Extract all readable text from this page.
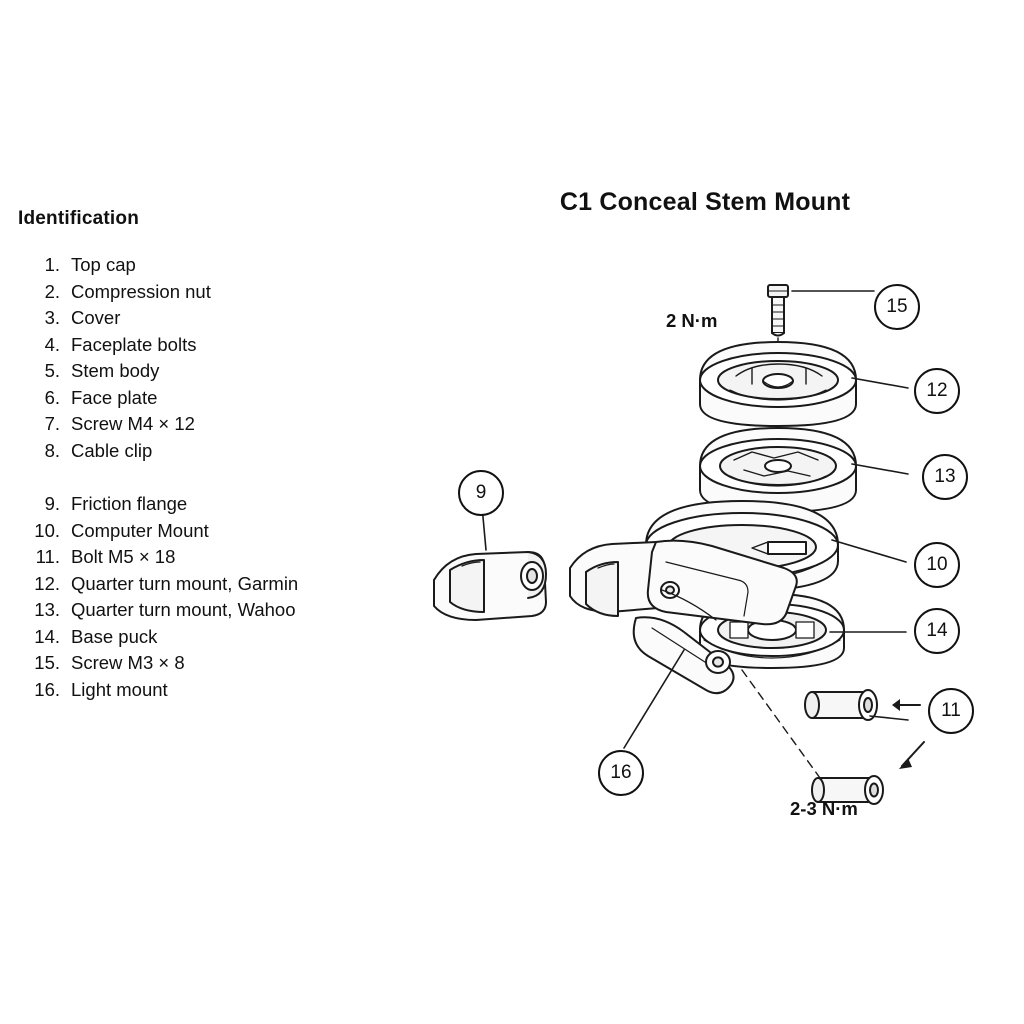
Identification
1. Top cap
2. Compression nut
3. Cover
4. Faceplate bolts
5. Stem body
6. Face plate
7. Screw M4 × 12
8. Cable clip
9. Friction flange
10. Computer Mount
11. Bolt M5 × 18
12. Quarter turn mount, Garmin
13. Quarter turn mount, Wahoo
14. Base puck
15. Screw M3 × 8
16. Light mount
C1 Conceal Stem Mount
15
12
13
10
14
11
9
16
2 N·m
2-3 N·m
